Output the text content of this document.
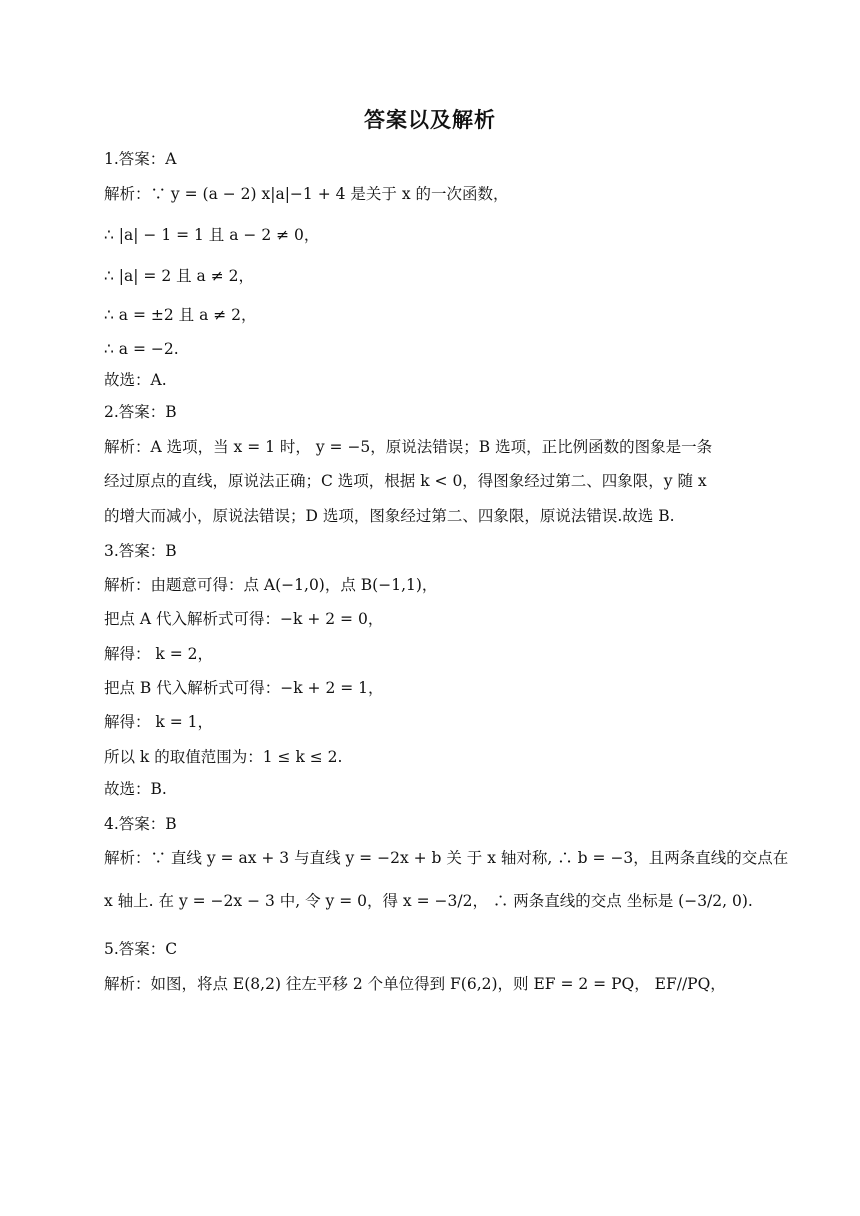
答案以及解析
1.答案：A
解析：∵ y = (a − 2) x|a|−1 + 4 是关于 x 的一次函数，
∴ |a| − 1 = 1 且 a − 2 ≠ 0，
∴ |a| = 2 且 a ≠ 2，
∴ a = ±2 且 a ≠ 2，
∴ a = −2.
故选：A.
2.答案：B
解析：A 选项，当 x = 1 时， y = −5，原说法错误；B 选项，正比例函数的图象是一条
经过原点的直线，原说法正确；C 选项，根据 k < 0，得图象经过第二、四象限，y 随 x
的增大而减小，原说法错误；D 选项，图象经过第二、四象限，原说法错误.故选 B.
3.答案：B
解析：由题意可得：点 A(−1,0)，点 B(−1,1)，
把点 A 代入解析式可得：−k + 2 = 0，
解得： k = 2，
把点 B 代入解析式可得：−k + 2 = 1，
解得： k = 1，
所以 k 的取值范围为：1 ≤ k ≤ 2.
故选：B.
4.答案：B
解析：∵ 直线 y = ax + 3 与直线 y = −2x + b 关 于 x 轴对称, ∴ b = −3，且两条直线的交点在
x 轴上. 在 y = −2x − 3 中, 令 y = 0，得 x = −3/2， ∴ 两条直线的交点 坐标是 (−3/2, 0).
5.答案：C
解析：如图，将点 E(8,2) 往左平移 2 个单位得到 F(6,2)，则 EF = 2 = PQ， EF//PQ，
